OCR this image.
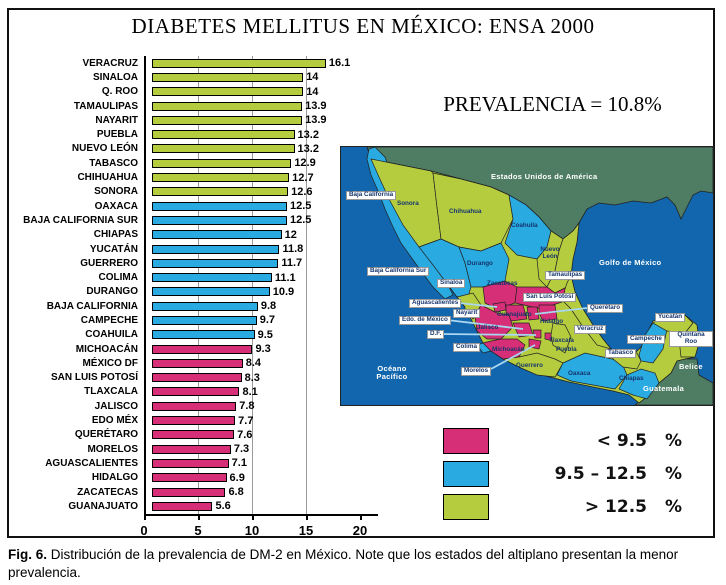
DIABETES MELLITUS EN MÉXICO: ENSA 2000
PREVALENCIA = 10.8%
VERACRUZ	16.1
SINALOA	14
Q. ROO	14
TAMAULIPAS	13.9
NAYARIT	13.9
PUEBLA	13.2
NUEVO LEÓN	13.2
TABASCO	12.9
CHIHUAHUA	12.7
SONORA	12.6
OAXACA	12.5
BAJA CALIFORNIA SUR	12.5
CHIAPAS	12
YUCATÁN	11.8
GUERRERO	11.7
COLIMA	11.1
DURANGO	10.9
BAJA CALIFORNIA	9.8
CAMPECHE	9.7
COAHUILA	9.5
MICHOACÁN	9.3
MÉXICO DF	8.4
SAN LUIS POTOSÍ	8.3
TLAXCALA	8.1
JALISCO	7.8
EDO MÉX	7.7
QUERÉTARO	7.6
MORELOS	7.3
AGUASCALIENTES	7.1
HIDALGO	6.9
ZACATECAS	6.8
GUANAJUATO	5.6
0	5	10	15	20
Baja California
Sonora
Chihuahua
Coahuila
Nuevo León
Tamaulipas
Durango
Sinaloa
Baja California Sur
Zacatecas
San Luis Potosí
Aguascalientes
Nayarit
Querétaro
Guanajuato
Edo. de México	Hidalgo
D.F.
Jalisco	Veracruz
Tlaxcala
Colima	Michoacán	Puebla
Morelos
Guerrero
Oaxaca
Chiapas
Tabasco
Campeche
Yucatán
Quintana Roo
Estados Unidos de América
Golfo de México
Océano Pacífico
Guatemala
Belice
< 9.5 %
9.5 – 12.5 %
> 12.5 %
Fig. 6. Distribución de la prevalencia de DM-2 en México. Note que los estados del altiplano presentan la menor prevalencia.
